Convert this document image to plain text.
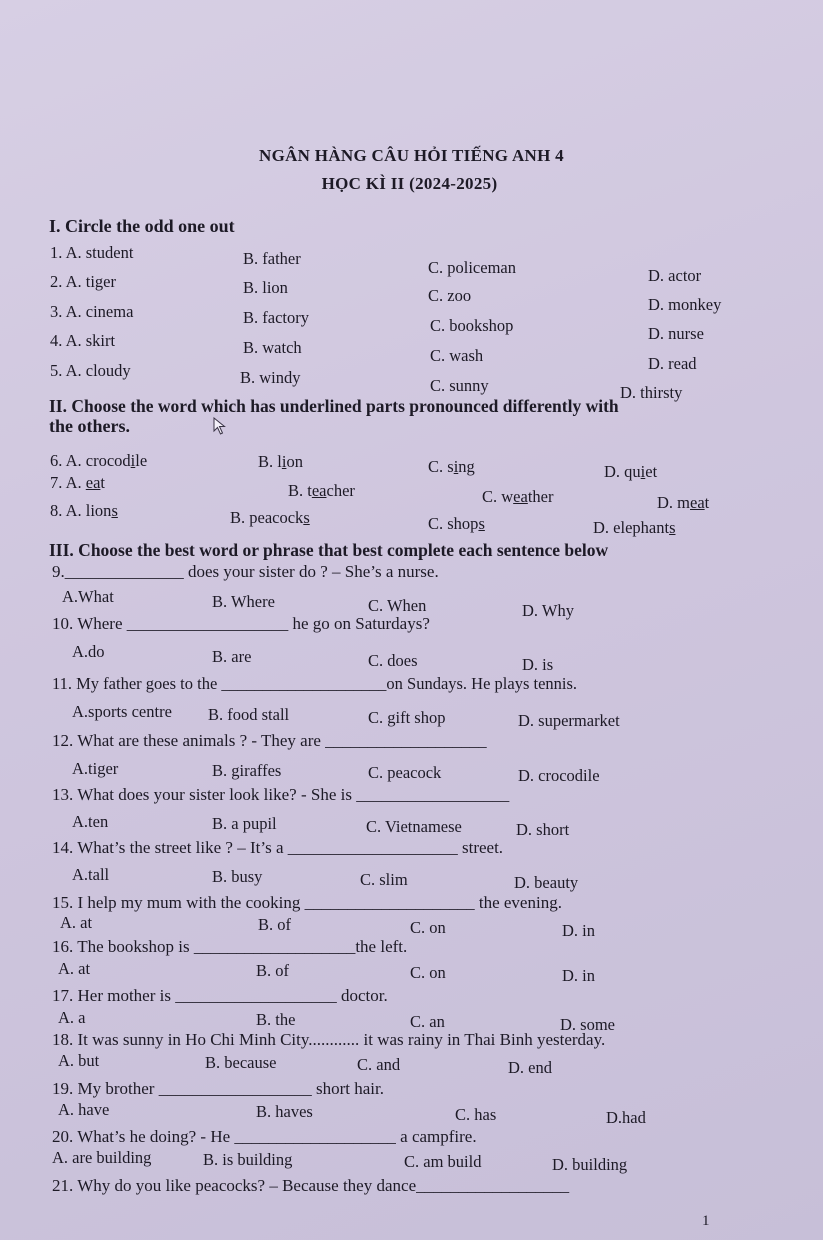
NGÂN HÀNG CÂU HỎI TIẾNG ANH 4
HỌC KÌ II (2024-2025)
I. Circle the odd one out
1. A. student	B. father	C. policeman	D. actor
2. A. tiger	B. lion	C. zoo	D. monkey
3. A. cinema	B. factory	C. bookshop	D. nurse
4. A. skirt	B. watch	C. wash	D. read
5. A. cloudy	B. windy	C. sunny	D. thirsty
II. Choose the word which has underlined parts pronounced differently with
the others.
6. A. crocodile	B. lion	C. sing	D. quiet
7. A. eat	B. teacher	C. weather	D. meat
8. A. lions	B. peacocks	C. shops	D. elephants
III. Choose the best word or phrase that best complete each sentence below
9.______________ does your sister do ? – She’s a nurse.
A.What	B. Where	C. When	D. Why
10. Where ___________________ he go on Saturdays?
A.do	B. are	C. does	D. is
11. My father goes to the ____________________on Sundays. He plays tennis.
A.sports centre B. food stall	C. gift shop	D. supermarket
12. What are these animals ? - They are ___________________
A.tiger	B. giraffes	C. peacock	D. crocodile
13. What does your sister look like? - She is __________________
A.ten	B. a pupil	C. Vietnamese	D. short
14. What’s the street like ? – It’s a ____________________ street.
A.tall	B. busy	C. slim	D. beauty
15. I help my mum with the cooking ____________________ the evening.
A. at	B. of	C. on	D. in
16. The bookshop is ___________________the left.
A. at	B. of	C. on	D. in
17. Her mother is ___________________ doctor.
A. a	B. the	C. an	D. some
18. It was sunny in Ho Chi Minh City............ it was rainy in Thai Binh yesterday.
A. but	B. because	C. and	D. end
19. My brother __________________ short hair.
A. have	B. haves	C. has	D.had
20. What’s he doing? - He ___________________ a campfire.
A. are building	B. is building	C. am build	D. building
21. Why do you like peacocks? – Because they dance__________________
1
